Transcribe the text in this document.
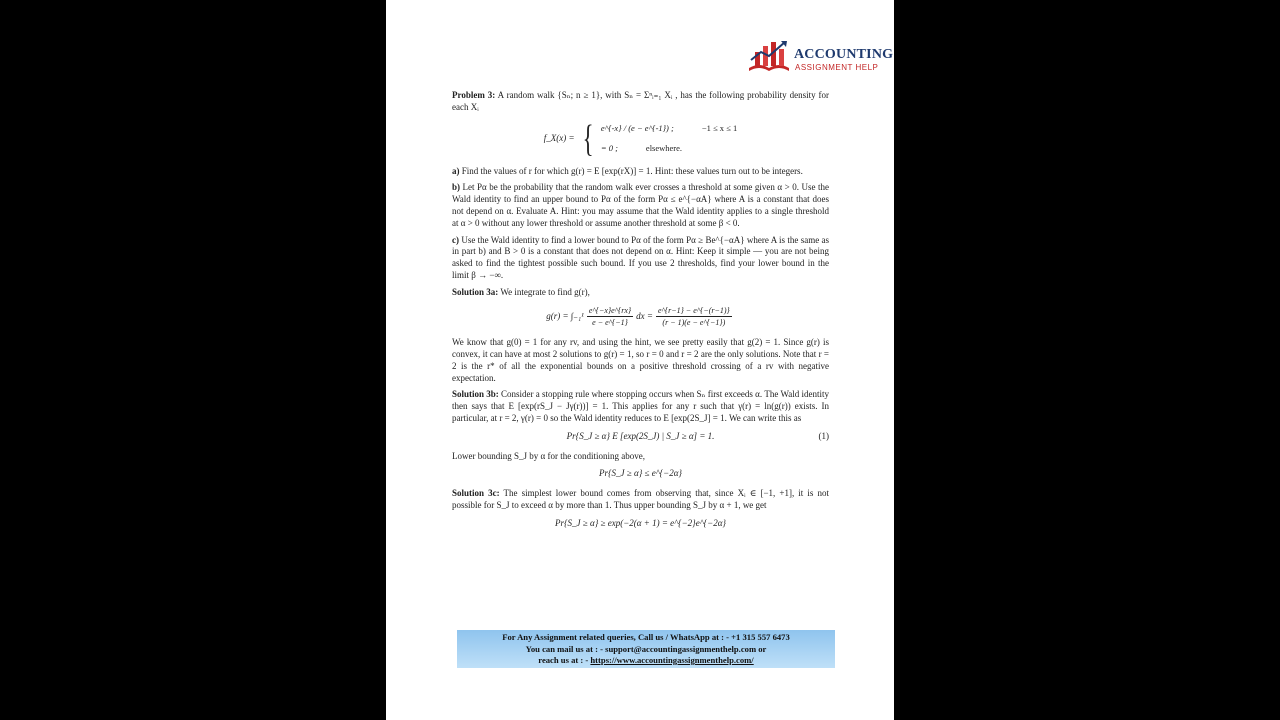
ACCOUNTING
ASSIGNMENT HELP

Problem 3: A random walk {Sₙ; n ≥ 1}, with Sₙ = Σⁿᵢ₌₁ Xᵢ , has the following probability density for each Xᵢ

f_X(x) = { e^{-x} / (e − e^{-1}) ;	−1 ≤ x ≤ 1
= 0 ;	elsewhere.

a) Find the values of r for which g(r) = E [exp(rX)] = 1. Hint: these values turn out to be integers.

b) Let Pα be the probability that the random walk ever crosses a threshold at some given α > 0. Use the Wald identity to find an upper bound to Pα of the form Pα ≤ e^{−αA} where A is a constant that does not depend on α. Evaluate A. Hint: you may assume that the Wald identity applies to a single threshold at α > 0 without any lower threshold or assume another threshold at some β < 0.

c) Use the Wald identity to find a lower bound to Pα of the form Pα ≥ Be^{−αA} where A is the same as in part b) and B > 0 is a constant that does not depend on α. Hint: Keep it simple — you are not being asked to find the tightest possible such bound. If you use 2 thresholds, find your lower bound in the limit β → −∞.

Solution 3a: We integrate to find g(r),

$g(r) = \int_{-1}^1 \frac{e\^{}\{-x\}e\^{}\{rx\}}{e - e\^{}\{-1\}}$ dx = $\frac{e\^{}\{r-1\} - e\^{}\{-(r-1)\}}{(r - 1)(e - e\^{}\{-1\})}$

We know that g(0) = 1 for any rv, and using the hint, we see pretty easily that g(2) = 1. Since g(r) is convex, it can have at most 2 solutions to g(r) = 1, so r = 0 and r = 2 are the only solutions. Note that r = 2 is the r* of all the exponential bounds on a positive threshold crossing of a rv with negative expectation.

Solution 3b: Consider a stopping rule where stopping occurs when Sₙ first exceeds α. The Wald identity then says that E [exp(rS_J − Jγ(r))] = 1. This applies for any r such that γ(r) = ln(g(r)) exists. In particular, at r = 2, γ(r) = 0 so the Wald identity reduces to E [exp(2S_J] = 1. We can write this as

Pr{S_J ≥ α} E [exp(2S_J) | S_J ≥ α] = 1.	(1)

Lower bounding S_J by α for the conditioning above,

Pr{S_J ≥ α} ≤ e^{−2α}

Solution 3c: The simplest lower bound comes from observing that, since Xᵢ ∈ [−1, +1], it is not possible for S_J to exceed α by more than 1. Thus upper bounding S_J by α + 1, we get

Pr{S_J ≥ α} ≥ exp(−2(α + 1) = e^{−2}e^{−2α}
For Any Assignment related queries, Call us / WhatsApp at : - +1 315 557 6473
You can mail us at : - support@accountingassignmenthelp.com or
reach us at : - https://www.accountingassignmenthelp.com/
